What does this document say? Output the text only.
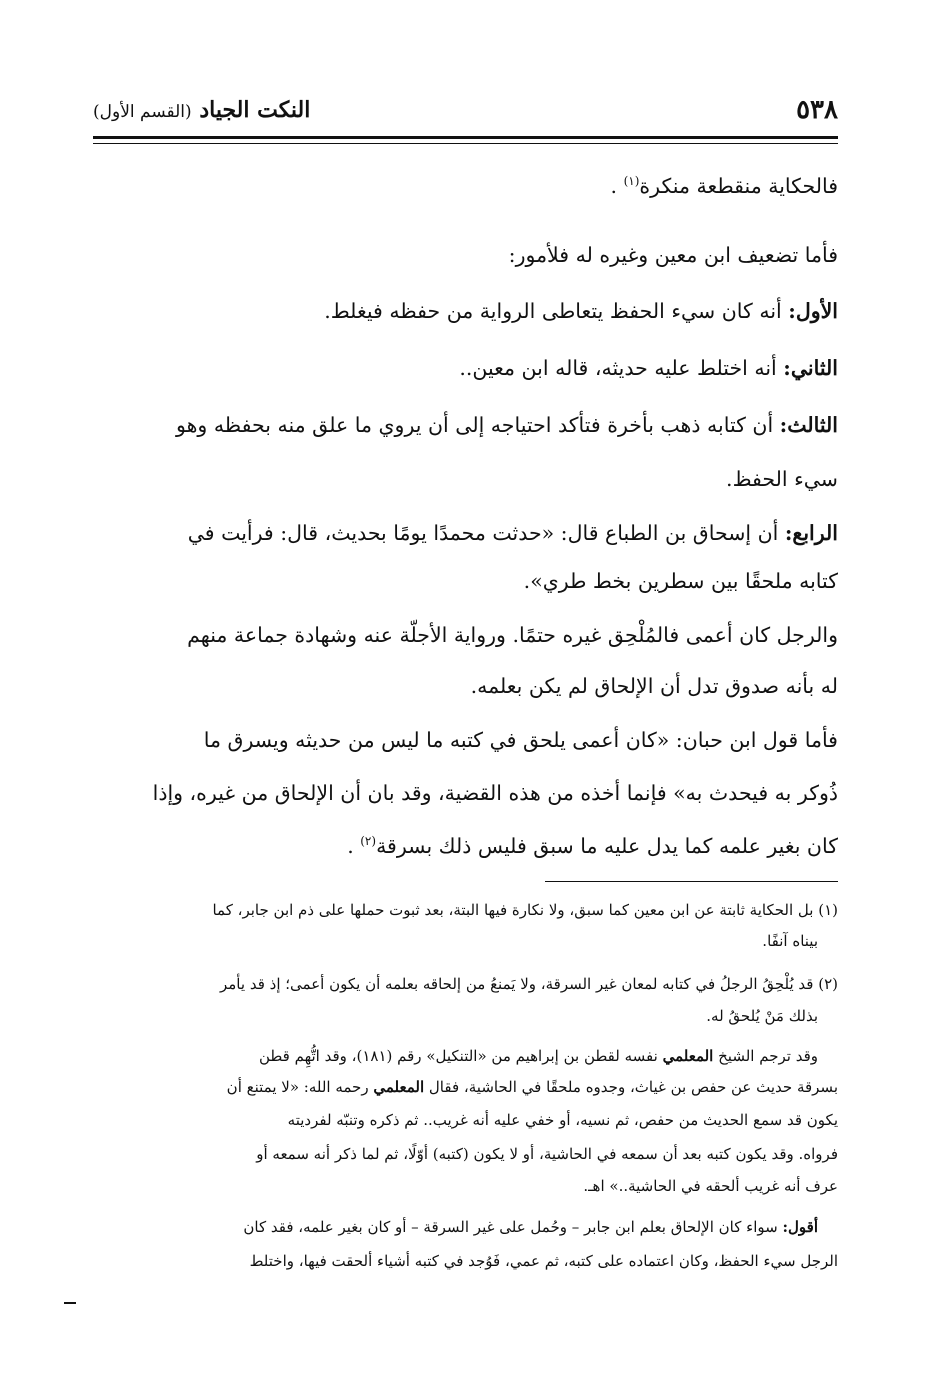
٥٣٨
النكت الجياد (القسم الأول)
فالحكاية منقطعة منكرة$^{(١)}$ .
فأما تضعيف ابن معين وغيره له فلأمور:
الأول: أنه كان سيء الحفظ يتعاطى الرواية من حفظه فيغلط.
الثاني: أنه اختلط عليه حديثه، قاله ابن معين..
الثالث: أن كتابه ذهب بأخرة فتأكد احتياجه إلى أن يروي ما علق منه بحفظه وهو
سيء الحفظ.
الرابع: أن إسحاق بن الطباع قال: «حدثت محمدًا يومًا بحديث، قال: فرأيت في
كتابه ملحقًا بين سطرين بخط طري».
والرجل كان أعمى فالمُلْحِق غيره حتمًا. ورواية الأجلّة عنه وشهادة جماعة منهم
له بأنه صدوق تدل أن الإلحاق لم يكن بعلمه.
فأما قول ابن حبان: «كان أعمى يلحق في كتبه ما ليس من حديثه ويسرق ما
ذُوكر به فيحدث به» فإنما أخذه من هذه القضية، وقد بان أن الإلحاق من غيره، وإذا
كان بغير علمه كما يدل عليه ما سبق فليس ذلك بسرقة$^{(٢)}$ .
(١) بل الحكاية ثابتة عن ابن معين كما سبق، ولا نكارة فيها البتة، بعد ثبوت حملها على ذم ابن جابر، كما
بيناه آنفًا.
(٢) قد يُلْحِقُ الرجلُ في كتابه لمعان غير السرقة، ولا يَمنعُ من إلحاقه بعلمه أن يكون أعمى؛ إذ قد يأمر
بذلك مَنْ يُلحقُ له.
وقد ترجم الشيخ المعلمي نفسه لقطن بن إبراهيم من «التنكيل» رقم (١٨١)، وقد اتُّهِم قطن
بسرقة حديث عن حفص بن غياث، وجدوه ملحقًا في الحاشية، فقال المعلمي رحمه الله: «لا يمتنع أن
يكون قد سمع الحديث من حفص، ثم نسيه، أو خفي عليه أنه غريب.. ثم ذكره وتنبّه لفرديته
فرواه. وقد يكون كتبه بعد أن سمعه في الحاشية، أو لا يكون (كتبه) أوّلًا، ثم لما ذكر أنه سمعه أو
عرف أنه غريب ألحقه في الحاشية..» اهـ.
أقول: سواء كان الإلحاق بعلم ابن جابر – وحُمل على غير السرقة – أو كان بغير علمه، فقد كان
الرجل سيء الحفظ، وكان اعتماده على كتبه، ثم عمي، فَوُجد في كتبه أشياء ألحقت فيها، واختلط
